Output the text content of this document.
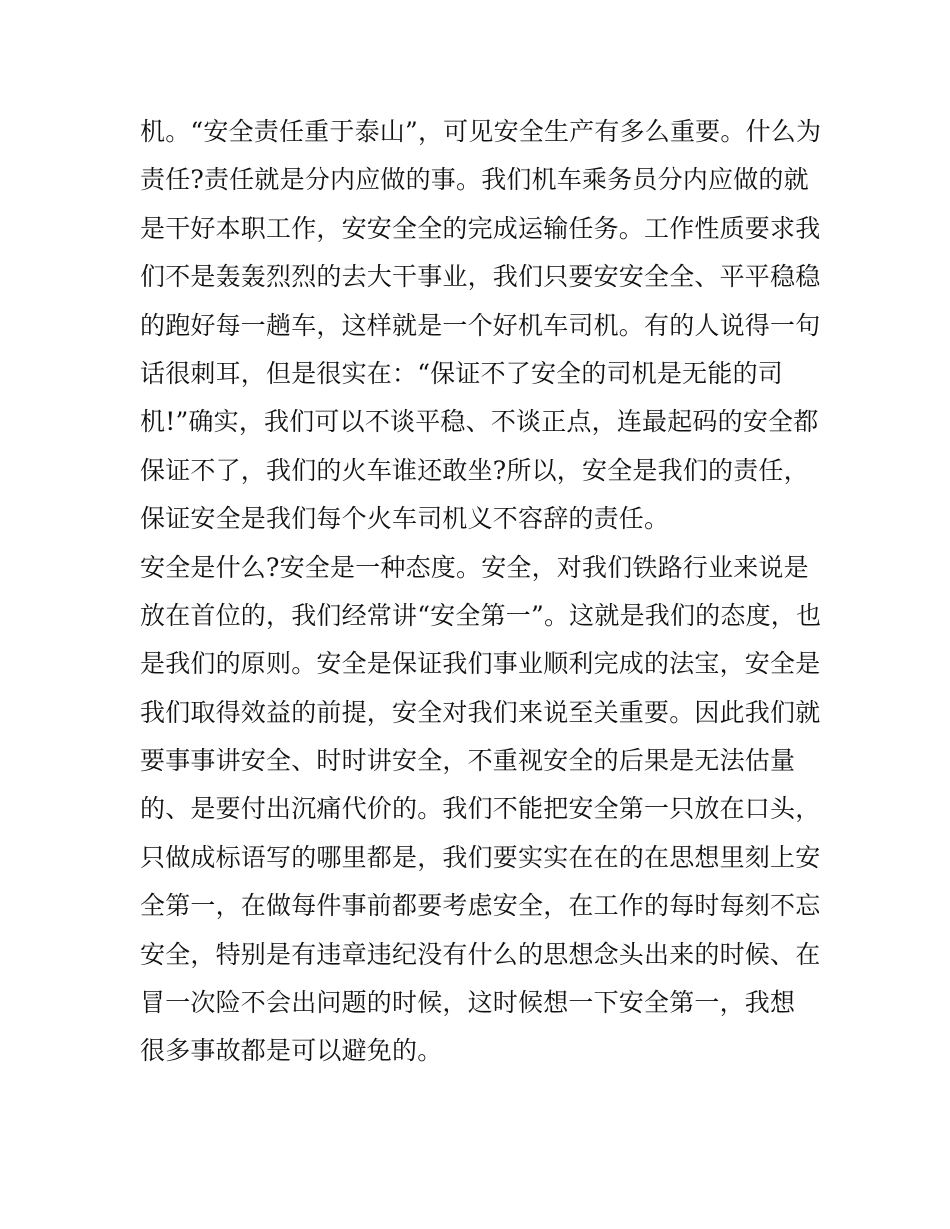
机。“安全责任重于泰山”，可见安全生产有多么重要。什么为
责任?责任就是分内应做的事。我们机车乘务员分内应做的就
是干好本职工作，安安全全的完成运输任务。工作性质要求我
们不是轰轰烈烈的去大干事业，我们只要安安全全、平平稳稳
的跑好每一趟车，这样就是一个好机车司机。有的人说得一句
话很刺耳，但是很实在：“保证不了安全的司机是无能的司
机!”确实，我们可以不谈平稳、不谈正点，连最起码的安全都
保证不了，我们的火车谁还敢坐?所以，安全是我们的责任，
保证安全是我们每个火车司机义不容辞的责任。
安全是什么?安全是一种态度。安全，对我们铁路行业来说是
放在首位的，我们经常讲“安全第一”。这就是我们的态度，也
是我们的原则。安全是保证我们事业顺利完成的法宝，安全是
我们取得效益的前提，安全对我们来说至关重要。因此我们就
要事事讲安全、时时讲安全，不重视安全的后果是无法估量
的、是要付出沉痛代价的。我们不能把安全第一只放在口头，
只做成标语写的哪里都是，我们要实实在在的在思想里刻上安
全第一，在做每件事前都要考虑安全，在工作的每时每刻不忘
安全，特别是有违章违纪没有什么的思想念头出来的时候、在
冒一次险不会出问题的时候，这时候想一下安全第一，我想
很多事故都是可以避免的。
